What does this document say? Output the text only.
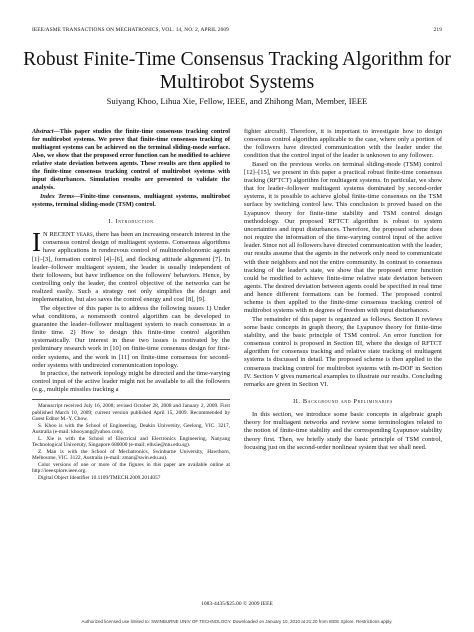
IEEE/ASME TRANSACTIONS ON MECHATRONICS, VOL. 14, NO. 2, APRIL 2009	219
Robust Finite-Time Consensus Tracking Algorithm for Multirobot Systems
Suiyang Khoo, Lihua Xie, Fellow, IEEE, and Zhihong Man, Member, IEEE

Abstract—This paper studies the finite-time consensus tracking control for multirobot systems. We prove that finite-time consensus tracking of multiagent systems can be achieved on the terminal sliding-mode surface. Also, we show that the proposed error function can be modified to achieve relative state deviation between agents. These results are then applied to the finite-time consensus tracking control of multirobot systems with input disturbances. Simulation results are presented to validate the analysis.

Index Terms—Finite-time consensus, multiagent systems, multirobot systems, terminal sliding-mode (TSM) control.

I. Introduction

I N RECENT years, there has been an increasing research interest in the consensus control design of multiagent systems. Consensus algorithms have applications in rendezvous control of multinonholonomic agents [1]–[3], formation control [4]–[6], and flocking attitude alignment [7]. In leader–follower multiagent system, the leader is usually independent of their followers, but have influence on the followers' behaviors. Hence, by controlling only the leader, the control objective of the networks can be realized easily. Such a strategy not only simplifies the design and implementation, but also saves the control energy and cost [8], [9].

The objective of this paper is to address the following issues 1) Under what conditions, a nonsmooth control algorithm can be developed to guarantee the leader–follower multiagent system to reach consensus in a finite time. 2) How to design this finite-time control algorithm systematically. Our interest in these two issues is motivated by the preliminary research work in [10] on finite-time consensus design for first-order systems, and the work in [11] on finite-time consensus for second-order systems with undirected communication topology.

In practice, the network topology might be directed and the time-varying control input of the active leader might not be available to all the followers (e.g., multiple missiles tracking a

Manuscript received July 16, 2008; revised October 28, 2008 and January 2, 2009. First published March 10, 2009; current version published April 15, 2009. Recommended by Guest Editor M.-Y. Chow.

S. Khoo is with the School of Engineering, Deakin University, Geelong, VIC. 3217, Australia (e-mail: khooyang@yahoo.com).

L. Xie is with the School of Electrical and Electronics Engineering, Nanyang Technological University, Singapore 680000 (e-mail: elhxie@ntu.edu.sg).

Z. Man is with the School of Mechatronics, Swinburne University, Hawthorn, Melbourne, VIC. 3122, Australia (e-mail: zman@swin.edu.au).

Color versions of one or more of the figures in this paper are available online at http://ieeexplore.ieee.org.

Digital Object Identifier 10.1109/TMECH.2009.2014057

fighter aircraft). Therefore, it is important to investigate how to design consensus control algorithm applicable to the case, where only a portion of the followers have directed communication with the leader under the condition that the control input of the leader is unknown to any follower.

Based on the previous works on terminal sliding-mode (TSM) control [12]–[15], we present in this paper a practical robust finite-time consensus tracking (RFTCT) algorithm for multiagent systems. In particular, we show that for leader–follower multiagent systems dominated by second-order systems, it is possible to achieve global finite-time consensus on the TSM surface by switching control law. This conclusion is proved based on the Lyapunov theory for finite-time stability and TSM control design methodology. Our proposed RFTCT algorithm is robust to system uncertainties and input disturbances. Therefore, the proposed scheme does not require the information of the time-varying control input of the active leader. Since not all followers have directed communication with the leader, our results assume that the agents in the network only need to communicate with their neighbors and not the entire community. In contrast to consensus tracking of the leader's state, we show that the proposed error function could be modified to achieve finite-time relative state deviation between agents. The desired deviation between agents could be specified in real time and hence different formations can be formed. The proposed control scheme is then applied to the finite-time consensus tracking control of multirobot systems with m degrees of freedom with input disturbances.

The remainder of this paper is organized as follows. Section II reviews some basic concepts in graph theory, the Lyapunov theory for finite-time stability, and the basic principle of TSM control. An error function for consensus control is proposed in Section III, where the design of RFTCT algorithm for consensus tracking and relative state tracking of multiagent systems is discussed in detail. The proposed scheme is then applied to the consensus tracking control for multirobot systems with m-DOF in Section IV. Section V gives numerical examples to illustrate our results. Concluding remarks are given in Section VI.

II. Background and Preliminaries

In this section, we introduce some basic concepts in algebraic graph theory for multiagent networks and review some terminologies related to the notion of finite-time stability and the corresponding Lyapunov stability theory first. Then, we briefly study the basic principle of TSM control, focusing just on the second-order nonlinear system that we shall need.

1083-4435/$25.00 © 2009 IEEE
Authorized licensed use limited to: SWINBURNE UNIV OF TECHNOLOGY. Downloaded on January 10, 2010 at 21:20 from IEEE Xplore. Restrictions apply.
